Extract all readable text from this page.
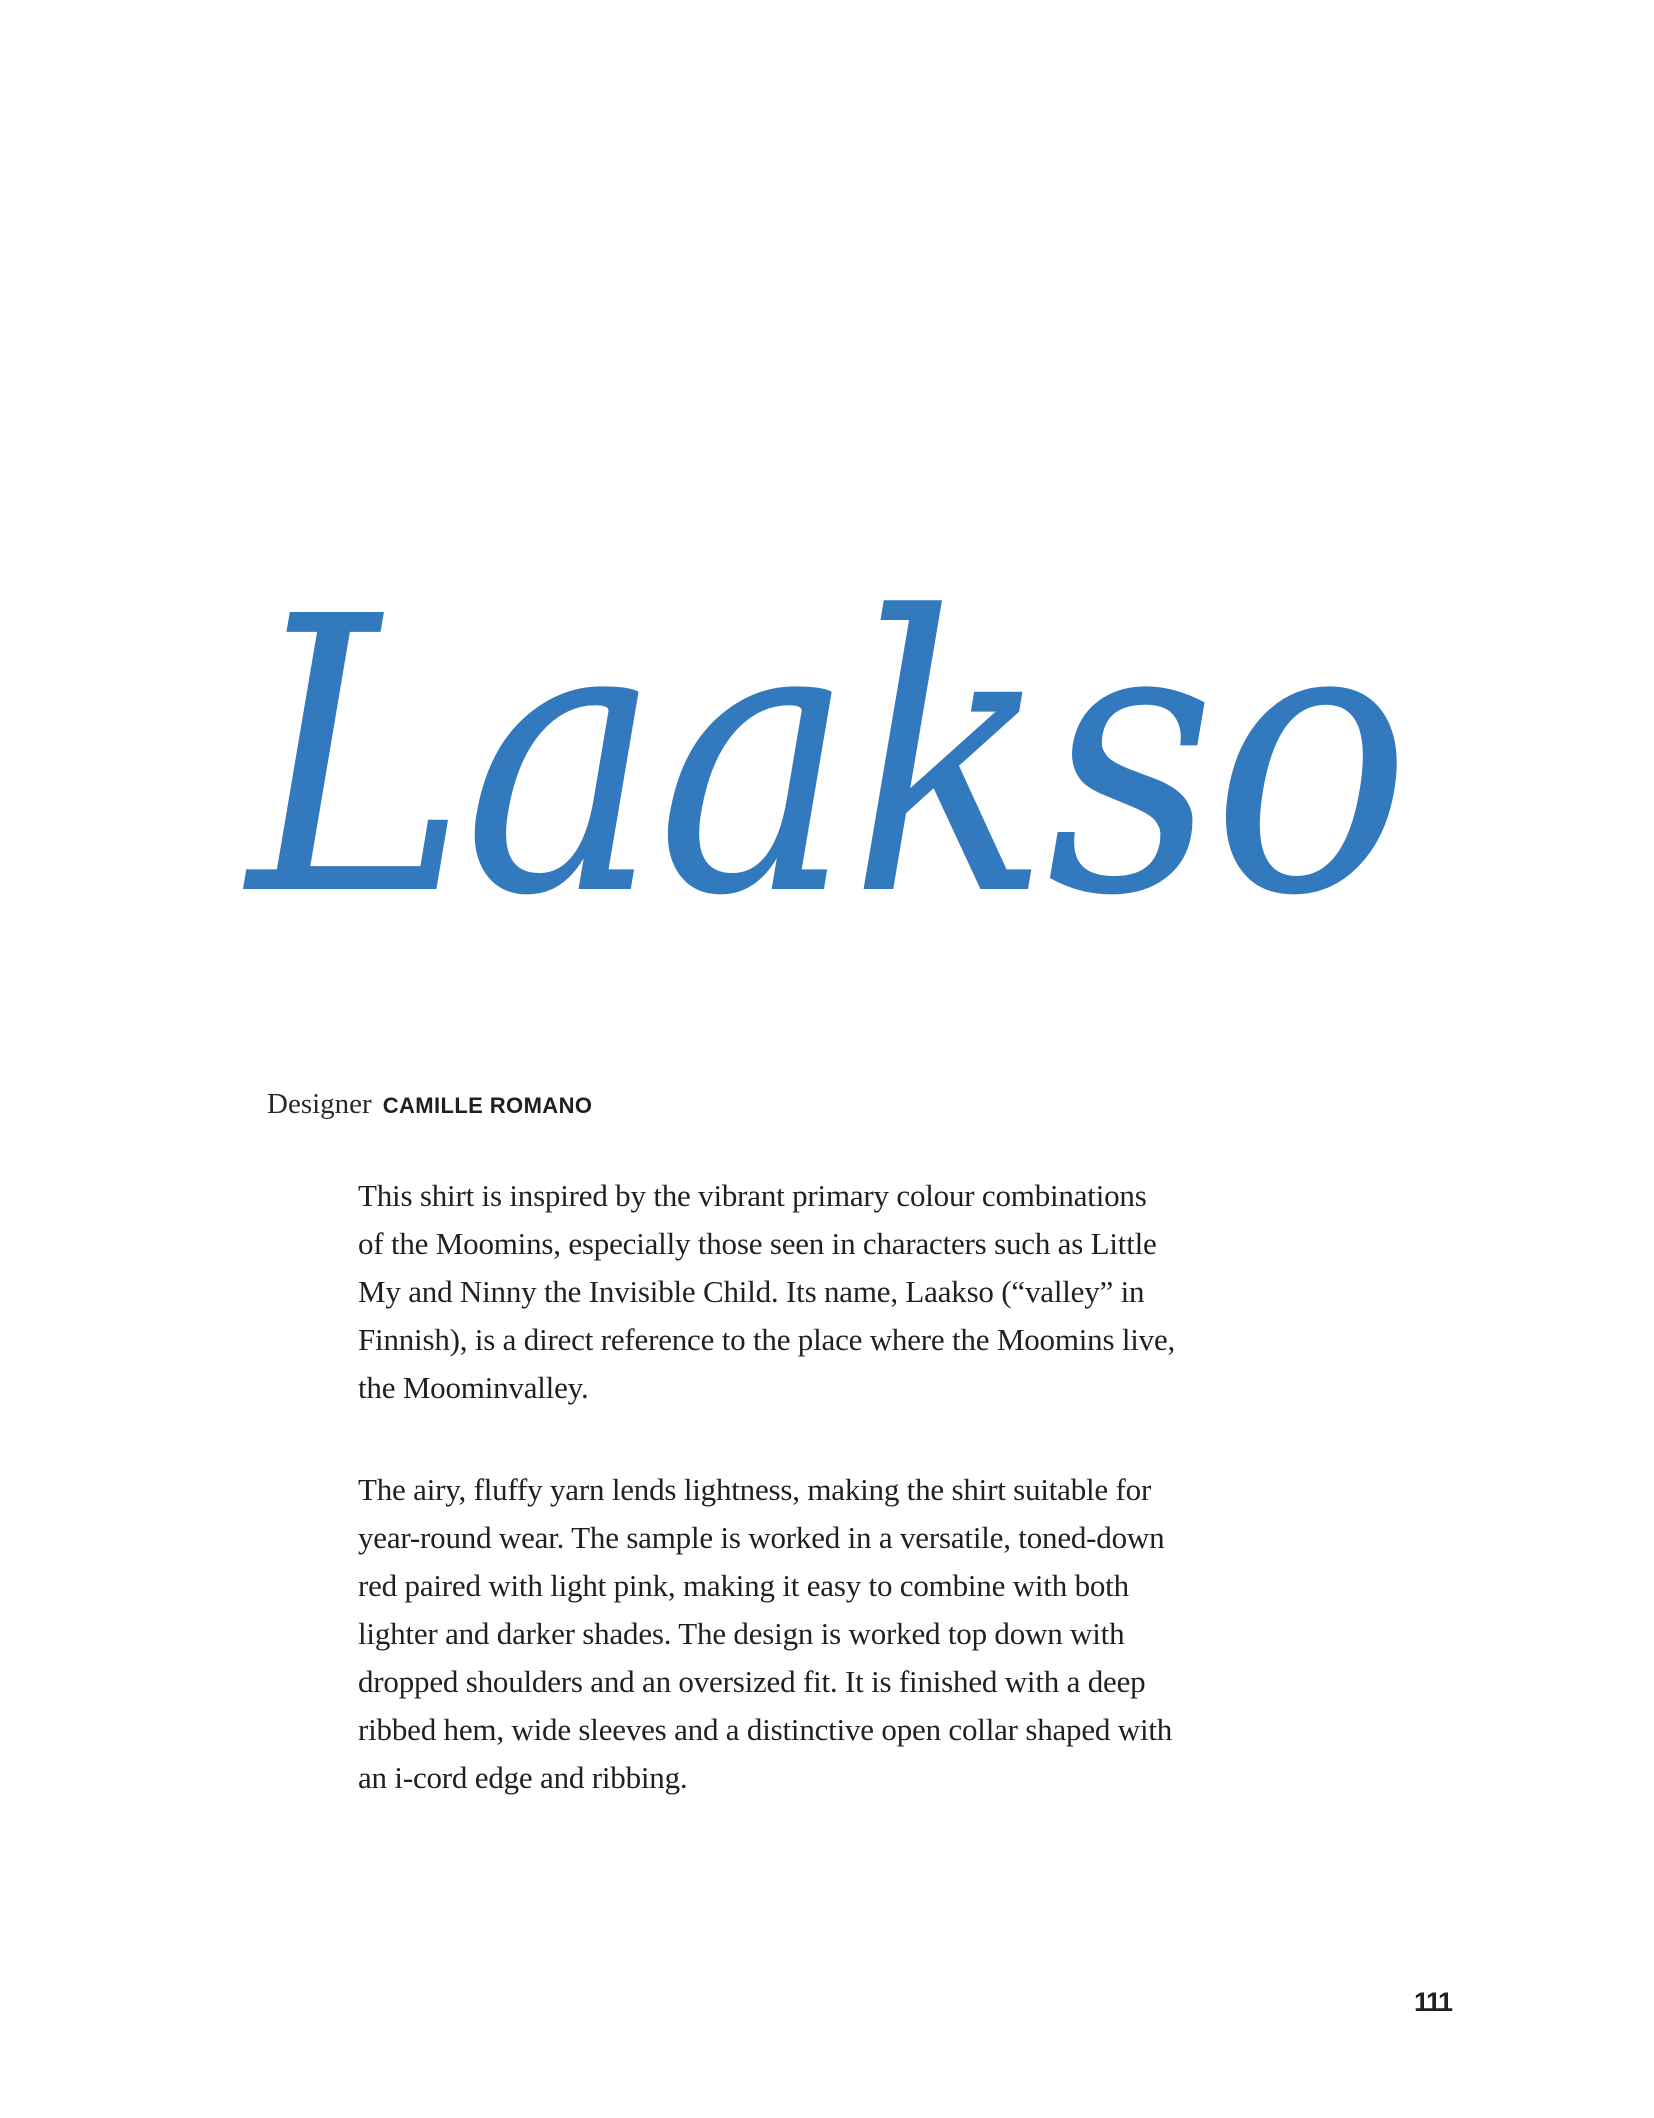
Laakso
Designer CAMILLE ROMANO
This shirt is inspired by the vibrant primary colour combinations
of the Moomins, especially those seen in characters such as Little
My and Ninny the Invisible Child. Its name, Laakso (“valley” in
Finnish), is a direct reference to the place where the Moomins live,
the Moominvalley.
The airy, fluffy yarn lends lightness, making the shirt suitable for
year-round wear. The sample is worked in a versatile, toned-down
red paired with light pink, making it easy to combine with both
lighter and darker shades. The design is worked top down with
dropped shoulders and an oversized fit. It is finished with a deep
ribbed hem, wide sleeves and a distinctive open collar shaped with
an i-cord edge and ribbing.
111
